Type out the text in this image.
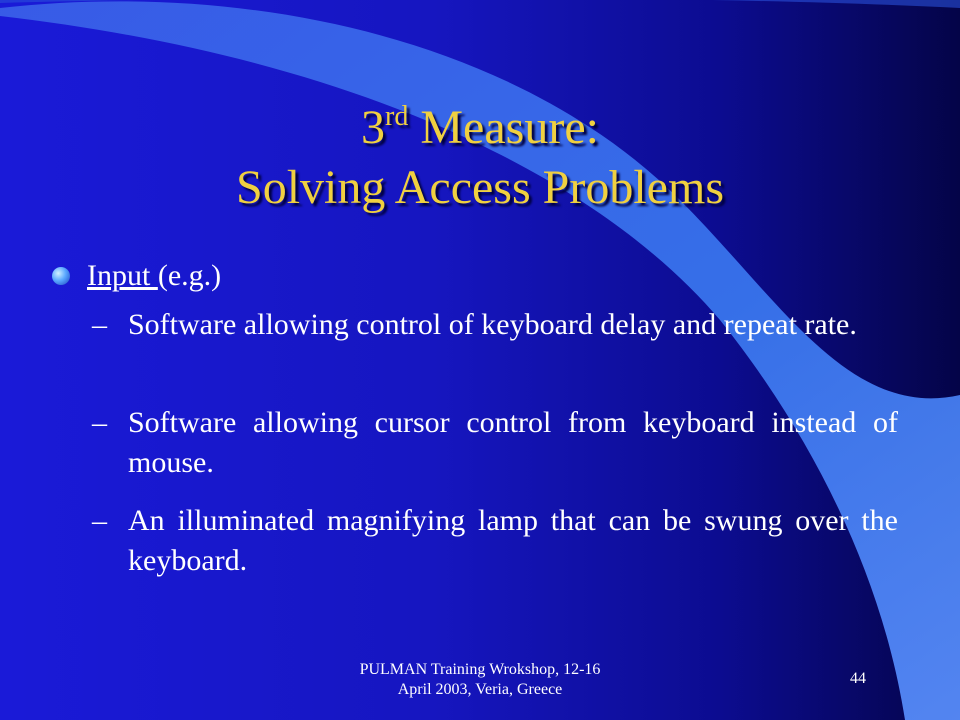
3rd Measure:
Solving Access Problems
Input (e.g.)
– Software allowing control of keyboard delay and repeat rate.
– Software allowing cursor control from keyboard instead of mouse.
– An illuminated magnifying lamp that can be swung over the keyboard.
PULMAN Training Wrokshop, 12-16
April 2003, Veria, Greece
44
